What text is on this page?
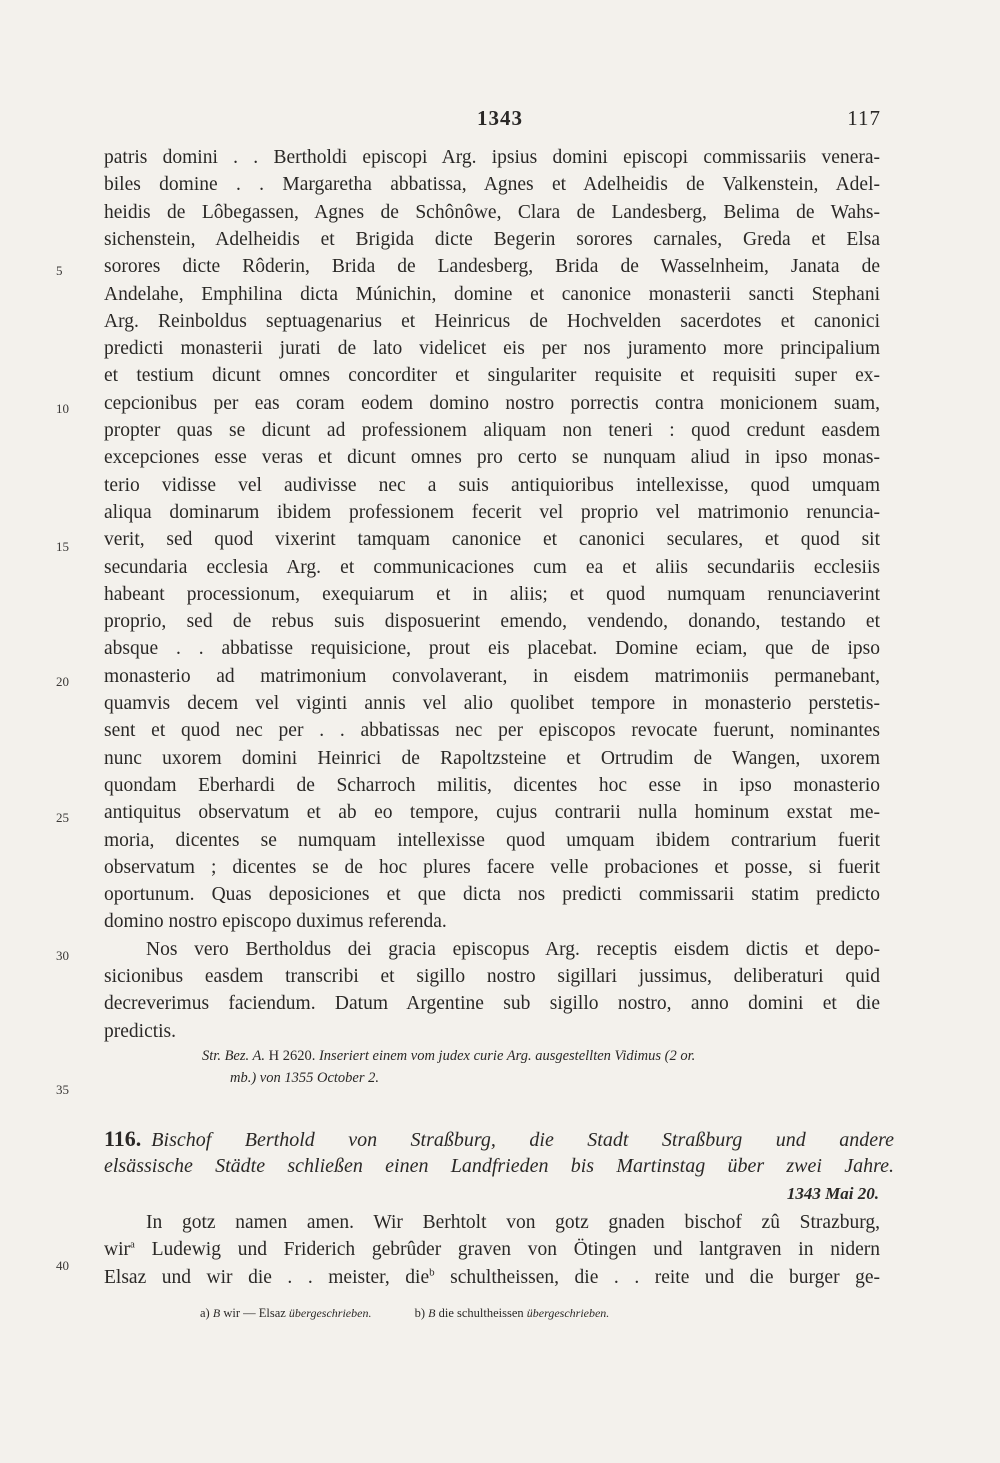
1343	117
5
10
15
20
25
30
35
40
patris domini . . Bertholdi episcopi Arg. ipsius domini episcopi commissariis venera-
biles domine . . Margaretha abbatissa, Agnes et Adelheidis de Valkenstein, Adel-
heidis de Lôbegassen, Agnes de Schônôwe, Clara de Landesberg, Belima de Wahs-
sichenstein, Adelheidis et Brigida dicte Begerin sorores carnales, Greda et Elsa
sorores dicte Rôderin, Brida de Landesberg, Brida de Wasselnheim, Janata de
Andelahe, Emphilina dicta Múnichin, domine et canonice monasterii sancti Stephani
Arg. Reinboldus septuagenarius et Heinricus de Hochvelden sacerdotes et canonici
predicti monasterii jurati de lato videlicet eis per nos juramento more principalium
et testium dicunt omnes concorditer et singulariter requisite et requisiti super ex-
cepcionibus per eas coram eodem domino nostro porrectis contra monicionem suam,
propter quas se dicunt ad professionem aliquam non teneri : quod credunt easdem
excepciones esse veras et dicunt omnes pro certo se nunquam aliud in ipso monas-
terio vidisse vel audivisse nec a suis antiquioribus intellexisse, quod umquam
aliqua dominarum ibidem professionem fecerit vel proprio vel matrimonio renuncia-
verit, sed quod vixerint tamquam canonice et canonici seculares, et quod sit
secundaria ecclesia Arg. et communicaciones cum ea et aliis secundariis ecclesiis
habeant processionum, exequiarum et in aliis; et quod numquam renunciaverint
proprio, sed de rebus suis disposuerint emendo, vendendo, donando, testando et
absque . . abbatisse requisicione, prout eis placebat. Domine eciam, que de ipso
monasterio ad matrimonium convolaverant, in eisdem matrimoniis permanebant,
quamvis decem vel viginti annis vel alio quolibet tempore in monasterio perstetis-
sent et quod nec per . . abbatissas nec per episcopos revocate fuerunt, nominantes
nunc uxorem domini Heinrici de Rapoltzsteine et Ortrudim de Wangen, uxorem
quondam Eberhardi de Scharroch militis, dicentes hoc esse in ipso monasterio
antiquitus observatum et ab eo tempore, cujus contrarii nulla hominum exstat me-
moria, dicentes se numquam intellexisse quod umquam ibidem contrarium fuerit
observatum ; dicentes se de hoc plures facere velle probaciones et posse, si fuerit
oportunum. Quas deposiciones et que dicta nos predicti commissarii statim predicto
domino nostro episcopo duximus referenda.
Nos vero Bertholdus dei gracia episcopus Arg. receptis eisdem dictis et depo-
sicionibus easdem transcribi et sigillo nostro sigillari jussimus, deliberaturi quid
decreverimus faciendum. Datum Argentine sub sigillo nostro, anno domini et die
predictis.
Str. Bez. A. H 2620. Inseriert einem vom judex curie Arg. ausgestellten Vidimus (2 or.
mb.) von 1355 October 2.
116. Bischof Berthold von Straßburg, die Stadt Straßburg und andere
elsässische Städte schließen einen Landfrieden bis Martinstag über zwei Jahre.
1343 Mai 20.
In gotz namen amen. Wir Berhtolt von gotz gnaden bischof zû Strazburg,
wir$^a$ Ludewig und Friderich gebrûder graven von Ötingen und lantgraven in nidern
Elsaz und wir die . . meister, die$^b$ schultheissen, die . . reite und die burger ge-
a) B wir — Elsaz übergeschrieben.	b) B die schultheissen übergeschrieben.
